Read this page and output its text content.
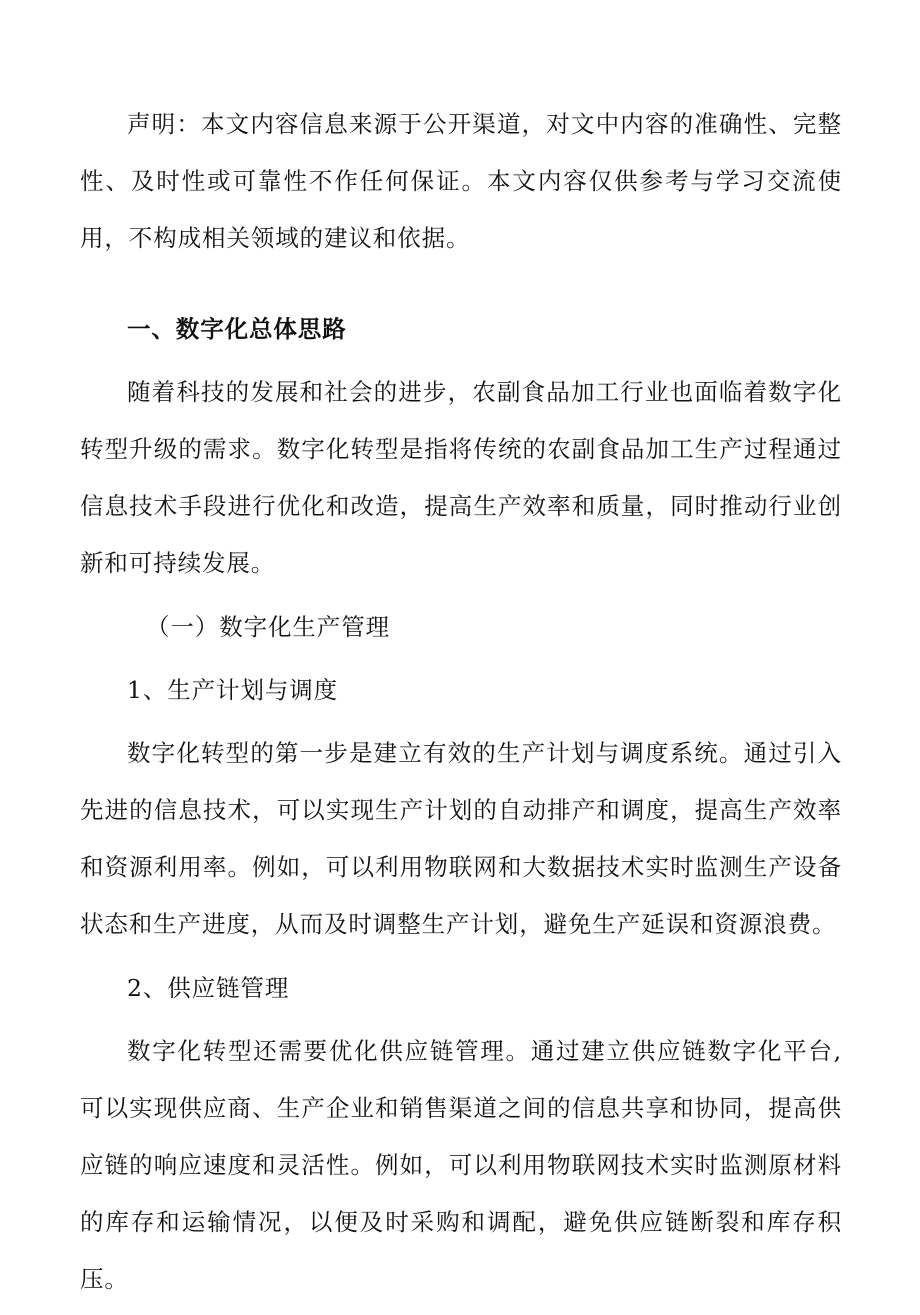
声明：本文内容信息来源于公开渠道，对文中内容的准确性、完整性、及时性或可靠性不作任何保证。本文内容仅供参考与学习交流使用，不构成相关领域的建议和依据。

一、数字化总体思路

随着科技的发展和社会的进步，农副食品加工行业也面临着数字化转型升级的需求。数字化转型是指将传统的农副食品加工生产过程通过信息技术手段进行优化和改造，提高生产效率和质量，同时推动行业创新和可持续发展。

（一）数字化生产管理

1、生产计划与调度

数字化转型的第一步是建立有效的生产计划与调度系统。通过引入先进的信息技术，可以实现生产计划的自动排产和调度，提高生产效率和资源利用率。例如，可以利用物联网和大数据技术实时监测生产设备状态和生产进度，从而及时调整生产计划，避免生产延误和资源浪费。

2、供应链管理

数字化转型还需要优化供应链管理。通过建立供应链数字化平台,可以实现供应商、生产企业和销售渠道之间的信息共享和协同，提高供应链的响应速度和灵活性。例如，可以利用物联网技术实时监测原材料的库存和运输情况，以便及时采购和调配，避免供应链断裂和库存积压。
